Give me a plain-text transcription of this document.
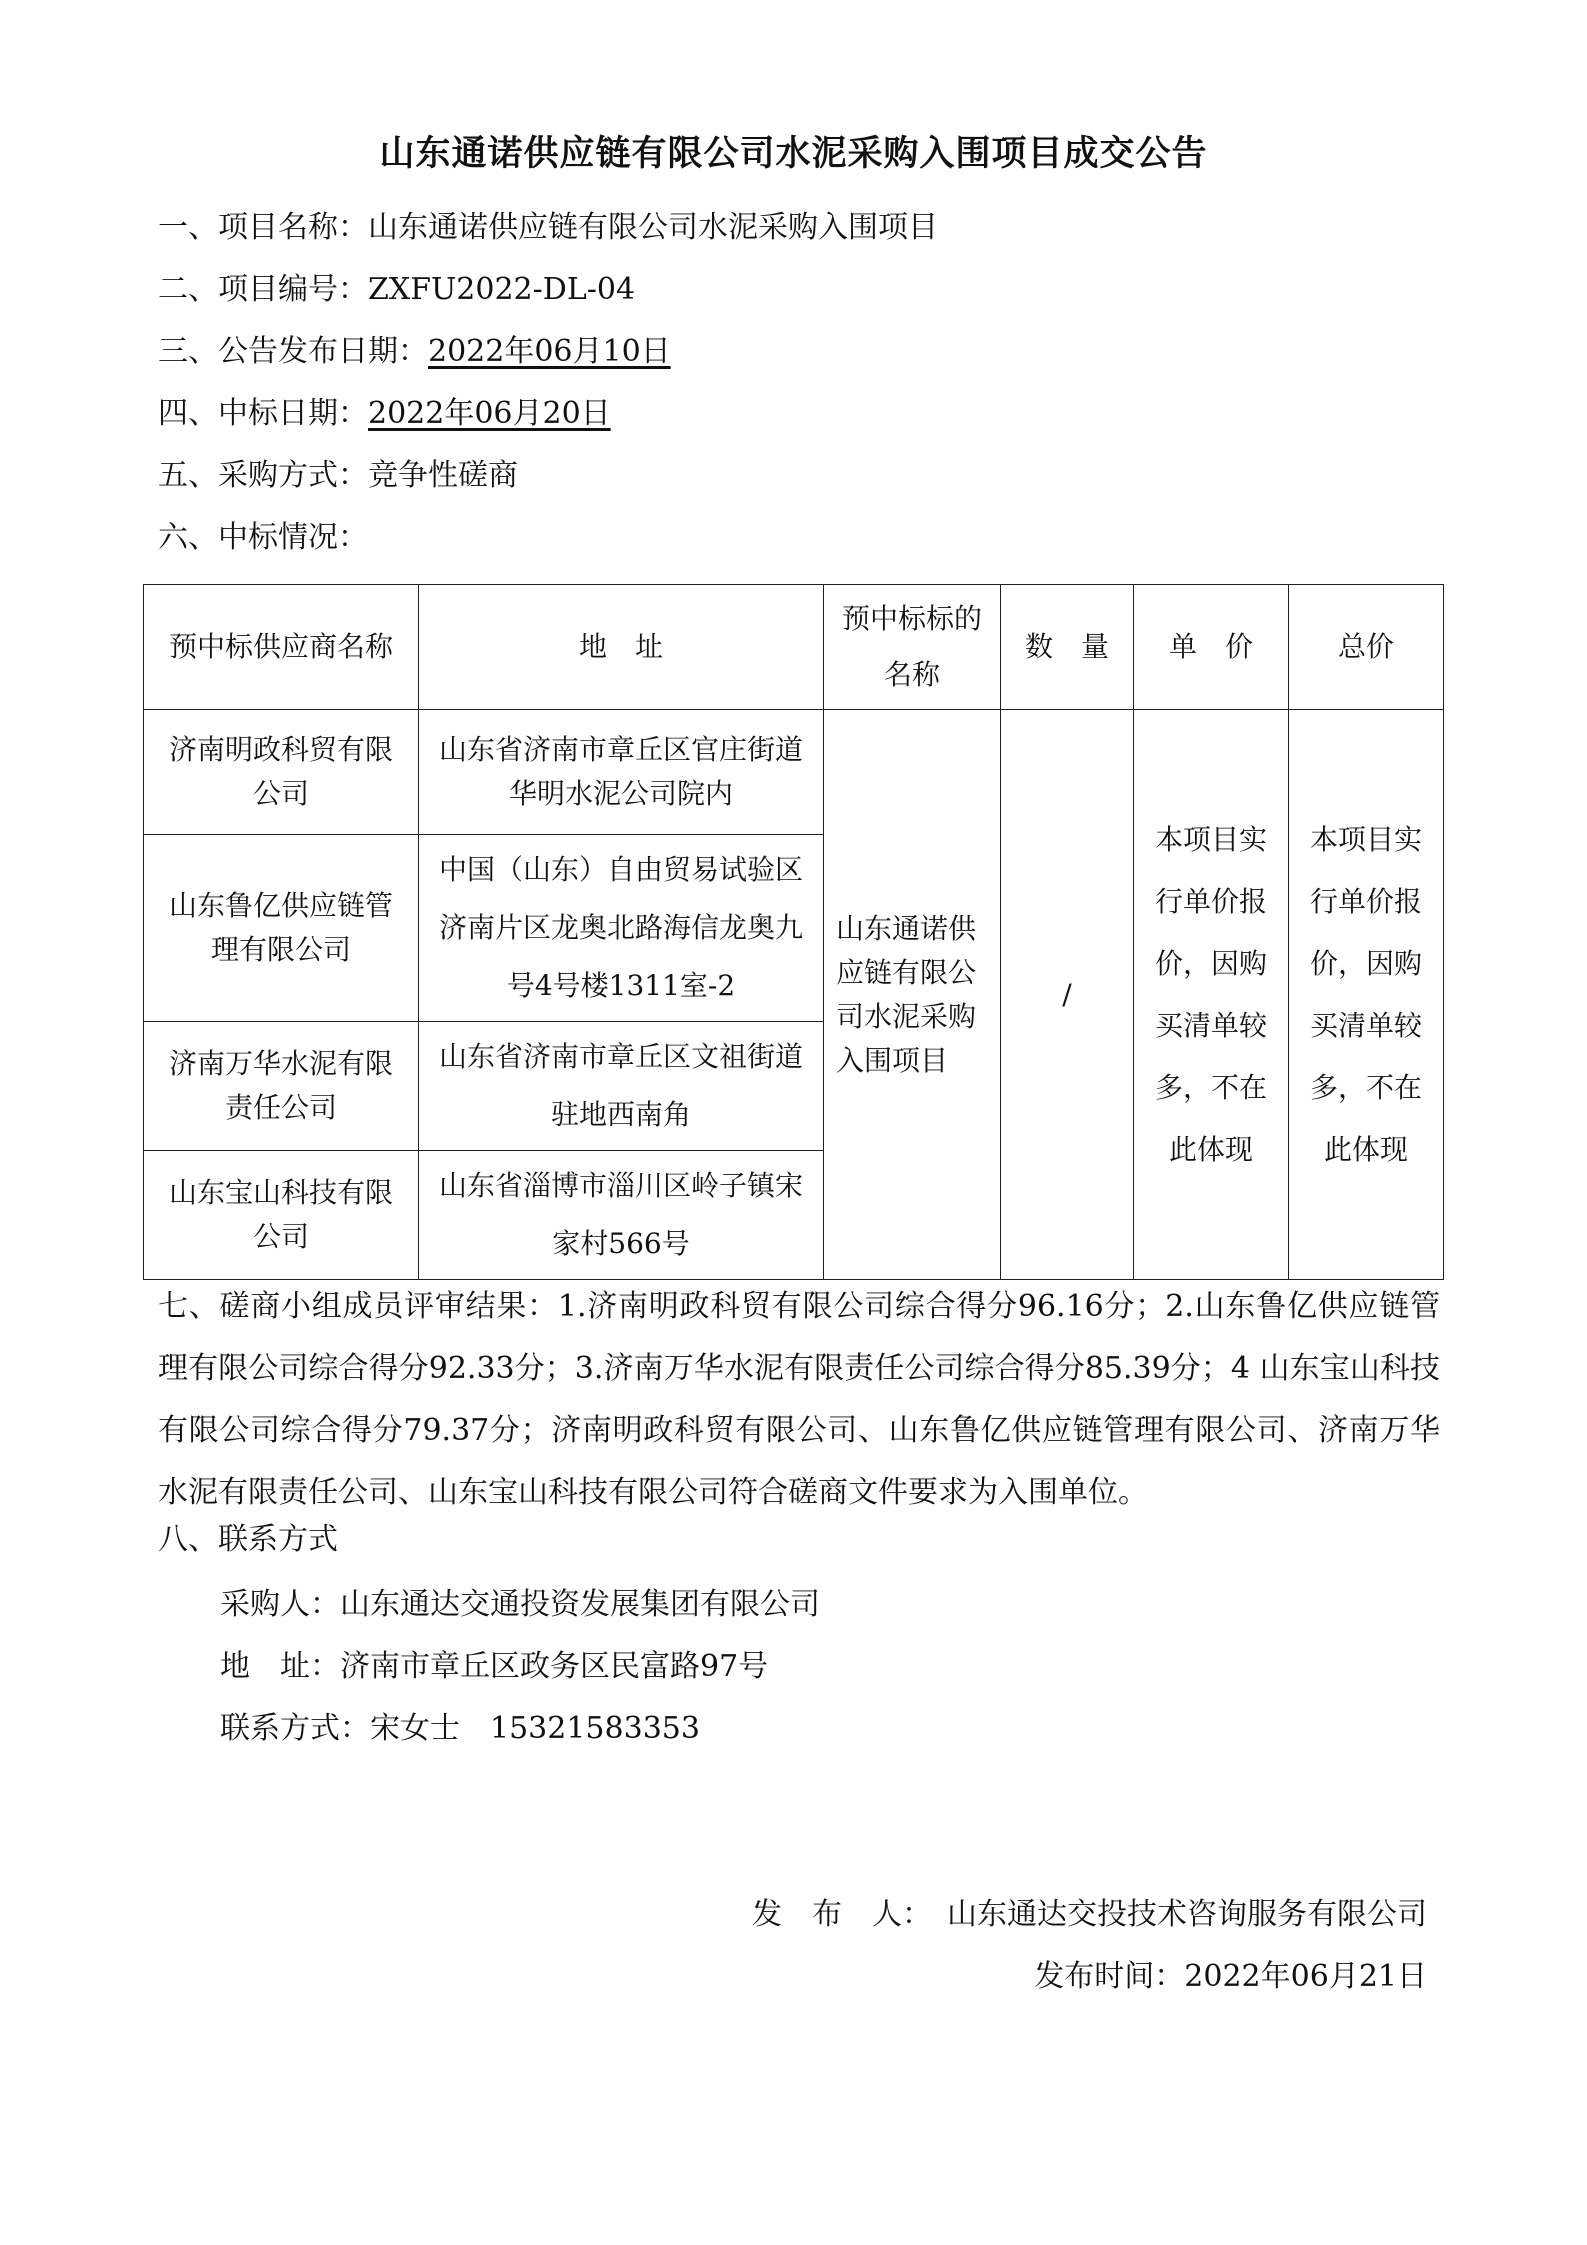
山东通诺供应链有限公司水泥采购入围项目成交公告
一、项目名称：山东通诺供应链有限公司水泥采购入围项目
二、项目编号：ZXFU2022-DL-04
三、公告发布日期：2022年06月10日
四、中标日期：2022年06月20日
五、采购方式：竞争性磋商
六、中标情况：
预中标供应商名称	地　址	预中标标的名称	数　量	单　价	总价
济南明政科贸有限公司	山东省济南市章丘区官庄街道华明水泥公司院内	山东通诺供应链有限公司水泥采购入围项目	/	本项目实行单价报价，因购买清单较多，不在此体现	本项目实行单价报价，因购买清单较多，不在此体现
山东鲁亿供应链管理有限公司	中国（山东）自由贸易试验区济南片区龙奥北路海信龙奥九号4号楼1311室-2				
济南万华水泥有限责任公司	山东省济南市章丘区文祖街道驻地西南角				
山东宝山科技有限公司	山东省淄博市淄川区岭子镇宋家村566号				
七、磋商小组成员评审结果：1.济南明政科贸有限公司综合得分96.16分；2.山东鲁亿供应链管理有限公司综合得分92.33分；3.济南万华水泥有限责任公司综合得分85.39分；4 山东宝山科技有限公司综合得分79.37分；济南明政科贸有限公司、山东鲁亿供应链管理有限公司、济南万华水泥有限责任公司、山东宝山科技有限公司符合磋商文件要求为入围单位。
八、联系方式
采购人：山东通达交通投资发展集团有限公司
地　址：济南市章丘区政务区民富路97号
联系方式：宋女士　15321583353
发　布　人：　山东通达交投技术咨询服务有限公司
发布时间：2022年06月21日
